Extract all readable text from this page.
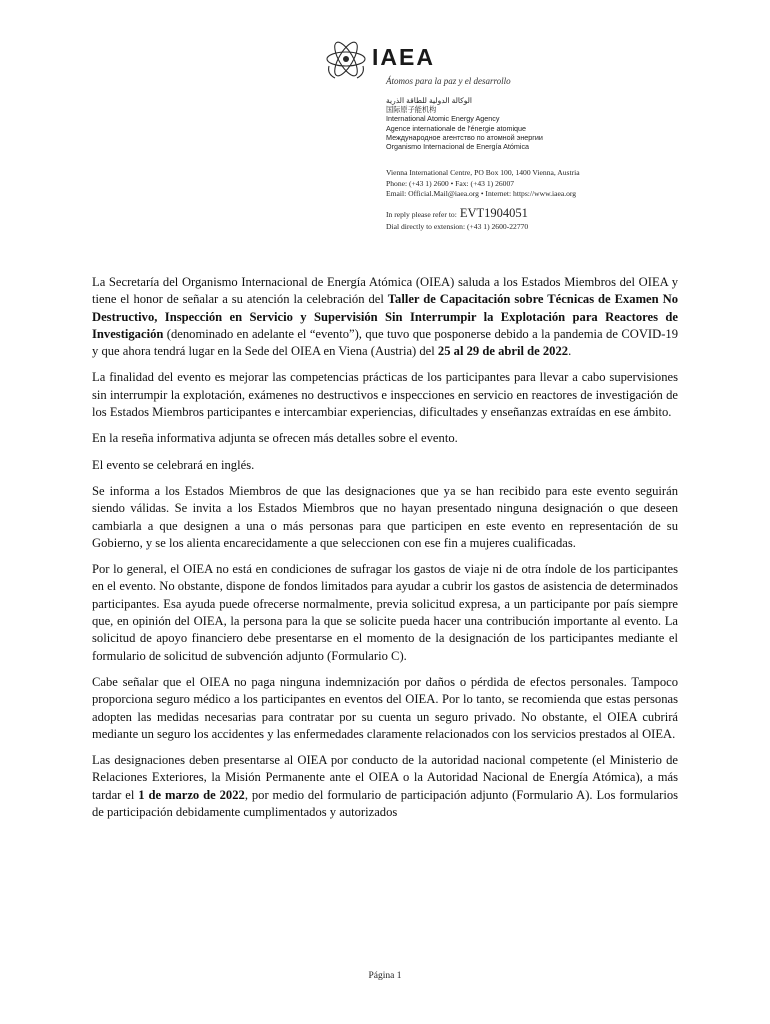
IAEA
Átomos para la paz y el desarrollo
الوكالة الدولية للطاقة الذرية
国际原子能机构
International Atomic Energy Agency
Agence internationale de l'énergie atomique
Международное агентство по атомной энергии
Organismo Internacional de Energía Atómica
Vienna International Centre, PO Box 100, 1400 Vienna, Austria
Phone: (+43 1) 2600 • Fax: (+43 1) 26007
Email: Official.Mail@iaea.org • Internet: https://www.iaea.org
In reply please refer to: EVT1904051
Dial directly to extension: (+43 1) 2600-22770

La Secretaría del Organismo Internacional de Energía Atómica (OIEA) saluda a los Estados Miembros del OIEA y tiene el honor de señalar a su atención la celebración del Taller de Capacitación sobre Técnicas de Examen No Destructivo, Inspección en Servicio y Supervisión Sin Interrumpir la Explotación para Reactores de Investigación (denominado en adelante el “evento”), que tuvo que posponerse debido a la pandemia de COVID-19 y que ahora tendrá lugar en la Sede del OIEA en Viena (Austria) del 25 al 29 de abril de 2022.

La finalidad del evento es mejorar las competencias prácticas de los participantes para llevar a cabo supervisiones sin interrumpir la explotación, exámenes no destructivos e inspecciones en servicio en reactores de investigación de los Estados Miembros participantes e intercambiar experiencias, dificultades y enseñanzas extraídas en ese ámbito.

En la reseña informativa adjunta se ofrecen más detalles sobre el evento.

El evento se celebrará en inglés.

Se informa a los Estados Miembros de que las designaciones que ya se han recibido para este evento seguirán siendo válidas. Se invita a los Estados Miembros que no hayan presentado ninguna designación o que deseen cambiarla a que designen a una o más personas para que participen en este evento en representación de su Gobierno, y se los alienta encarecidamente a que seleccionen con ese fin a mujeres cualificadas.

Por lo general, el OIEA no está en condiciones de sufragar los gastos de viaje ni de otra índole de los participantes en el evento. No obstante, dispone de fondos limitados para ayudar a cubrir los gastos de asistencia de determinados participantes. Esa ayuda puede ofrecerse normalmente, previa solicitud expresa, a un participante por país siempre que, en opinión del OIEA, la persona para la que se solicite pueda hacer una contribución importante al evento. La solicitud de apoyo financiero debe presentarse en el momento de la designación de los participantes mediante el formulario de solicitud de subvención adjunto (Formulario C).

Cabe señalar que el OIEA no paga ninguna indemnización por daños o pérdida de efectos personales. Tampoco proporciona seguro médico a los participantes en eventos del OIEA. Por lo tanto, se recomienda que estas personas adopten las medidas necesarias para contratar por su cuenta un seguro privado. No obstante, el OIEA cubrirá mediante un seguro los accidentes y las enfermedades claramente relacionados con los servicios prestados al OIEA.

Las designaciones deben presentarse al OIEA por conducto de la autoridad nacional competente (el Ministerio de Relaciones Exteriores, la Misión Permanente ante el OIEA o la Autoridad Nacional de Energía Atómica), a más tardar el 1 de marzo de 2022, por medio del formulario de participación adjunto (Formulario A). Los formularios de participación debidamente cumplimentados y autorizados

Página 1
